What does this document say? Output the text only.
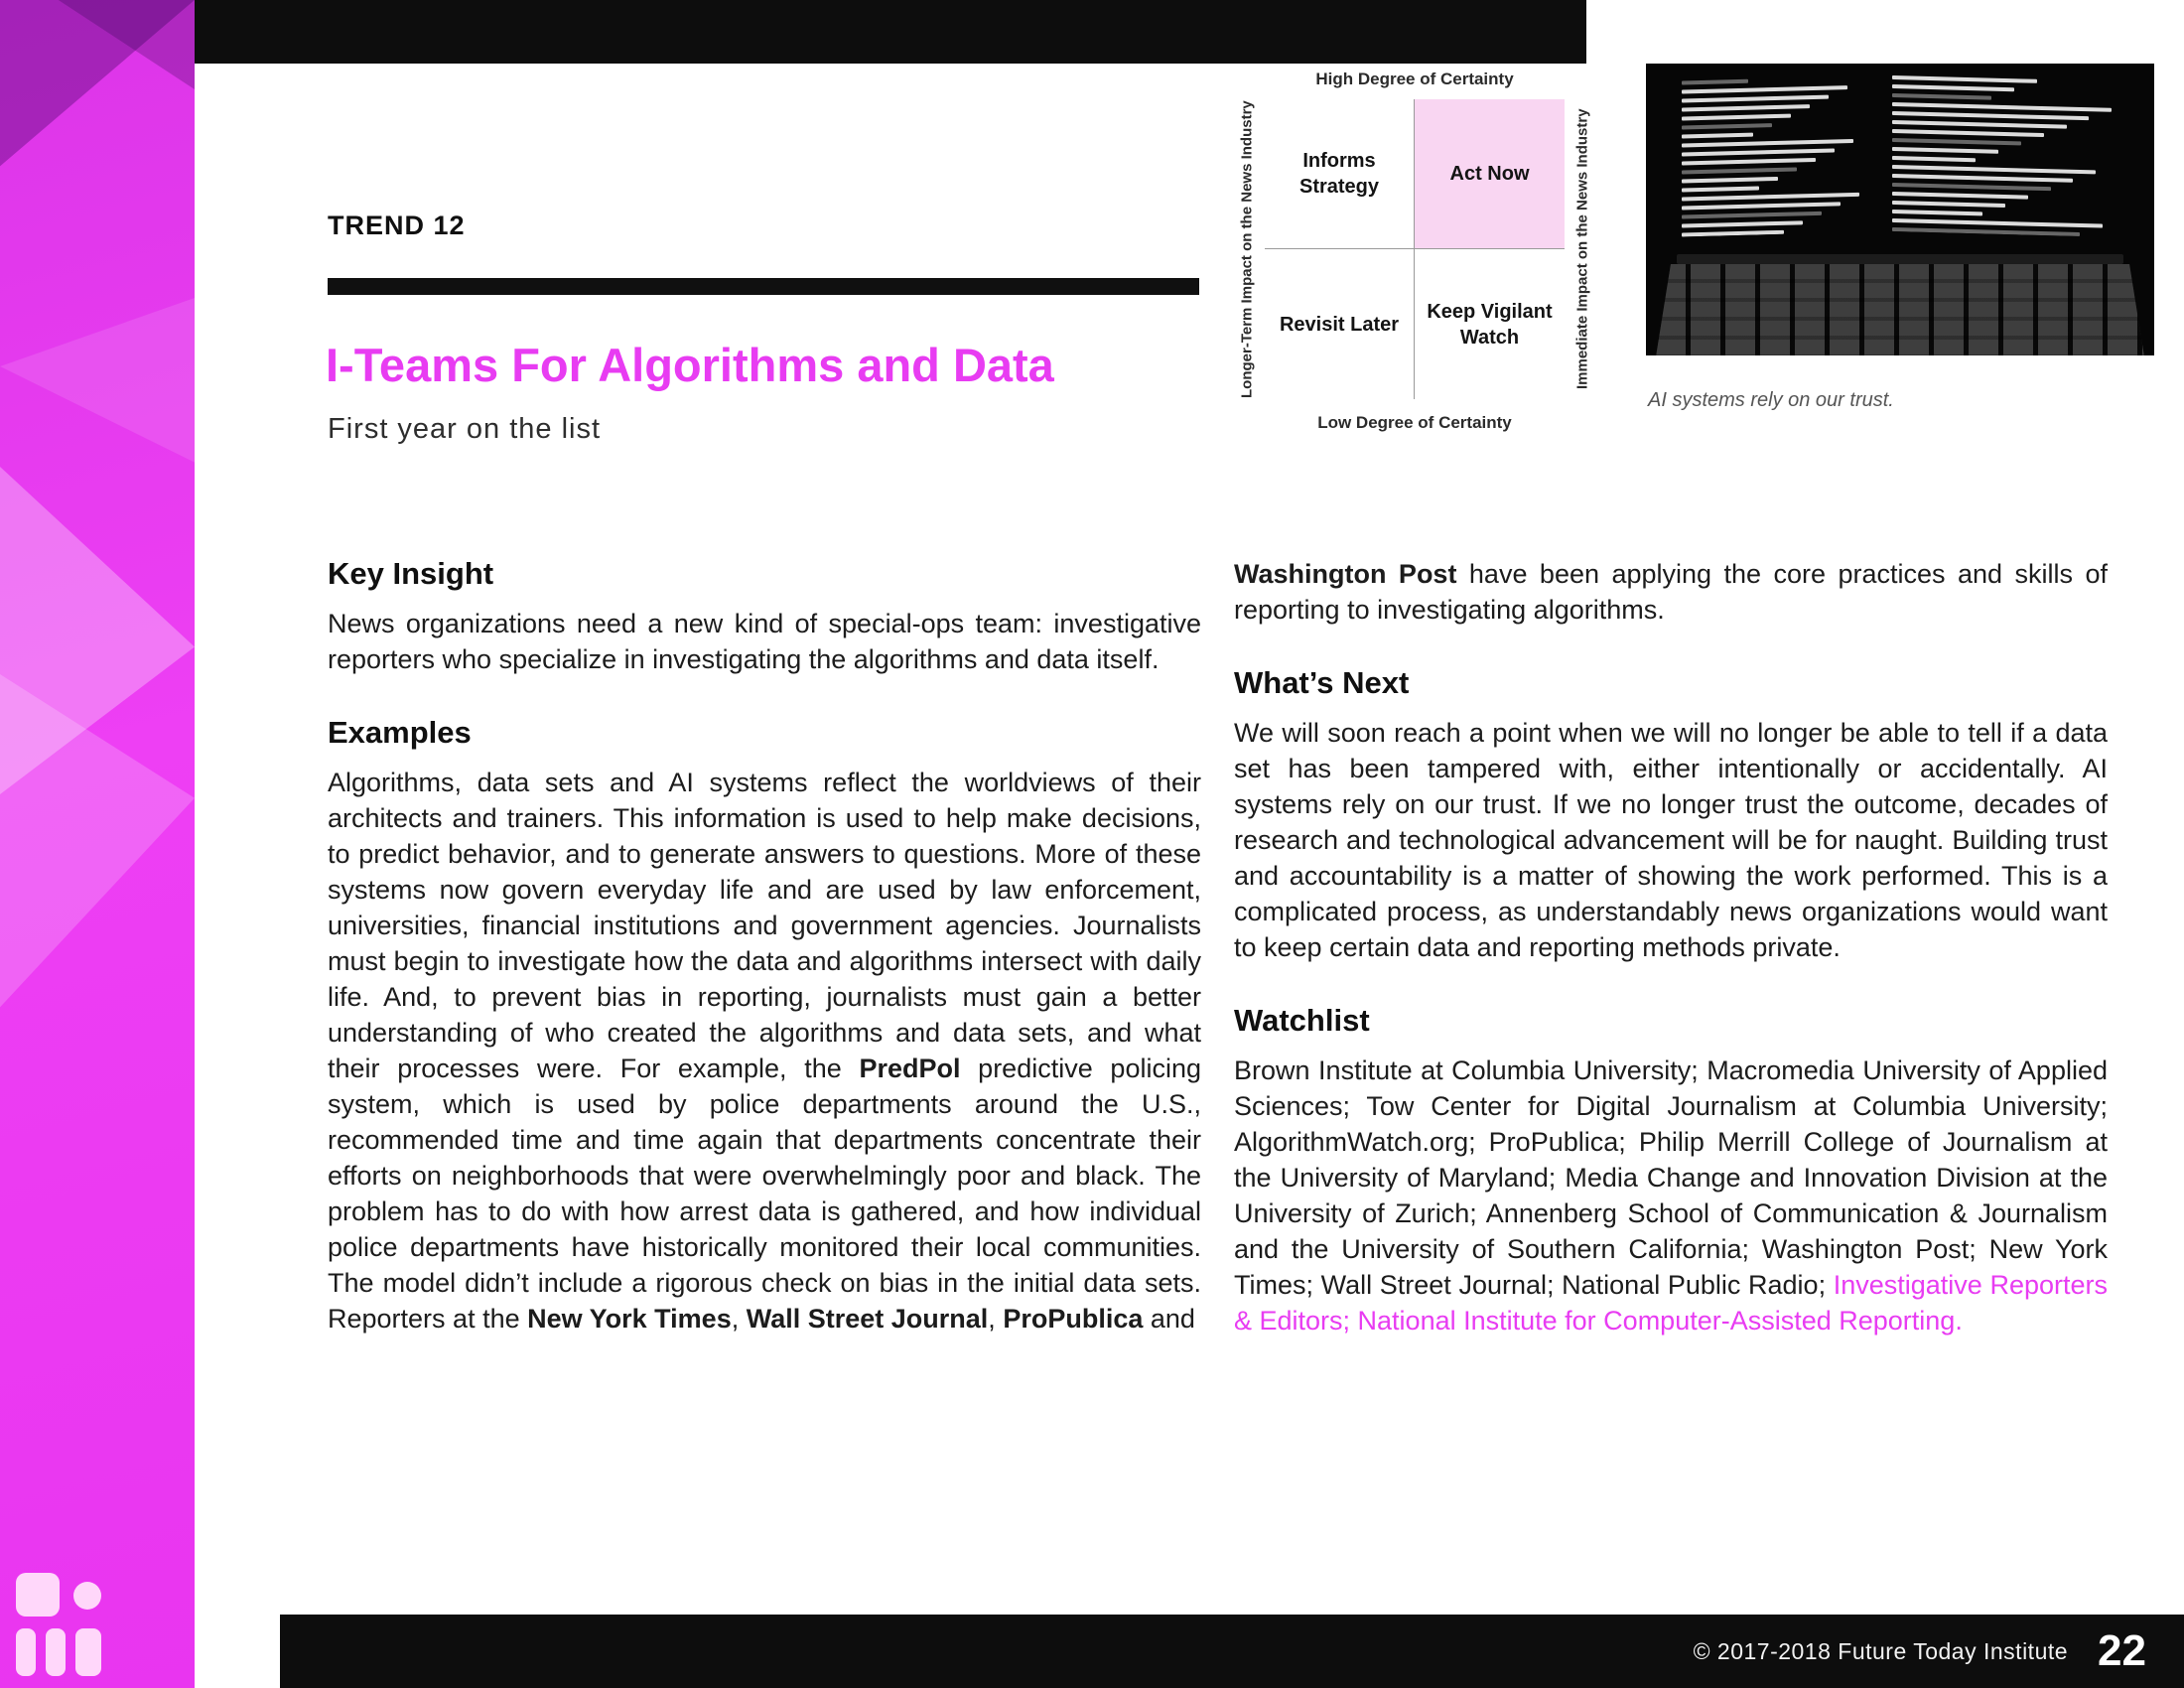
TREND 12
I-Teams For Algorithms and Data
First year on the list
High Degree of Certainty
Longer-Term Impact on the News Industry	Informs Strategy
Act Now
Revisit Later
Keep Vigilant Watch	Immediate Impact on the News Industry
Low Degree of Certainty
AI systems rely on our trust.
Key Insight

News organizations need a new kind of special-ops team: investigative reporters who specialize in investigating the algorithms and data itself.

Examples

Algorithms, data sets and AI systems reflect the worldviews of their architects and trainers. This information is used to help make decisions, to predict behavior, and to generate answers to questions. More of these systems now govern everyday life and are used by law enforcement, universities, financial institutions and government agencies. Journalists must begin to investigate how the data and algorithms intersect with daily life. And, to prevent bias in reporting, journalists must gain a better understanding of who created the algorithms and data sets, and what their processes were. For example, the PredPol predictive policing system, which is used by police departments around the U.S., recommended time and time again that departments concentrate their efforts on neighborhoods that were overwhelmingly poor and black. The problem has to do with how arrest data is gathered, and how individual police departments have historically monitored their local communities. The model didn’t include a rigorous check on bias in the initial data sets. Reporters at the New York Times, Wall Street Journal, ProPublica and

Washington Post have been applying the core practices and skills of reporting to investigating algorithms.

What’s Next

We will soon reach a point when we will no longer be able to tell if a data set has been tampered with, either intentionally or accidentally. AI systems rely on our trust. If we no longer trust the outcome, decades of research and technological advancement will be for naught. Building trust and accountability is a matter of showing the work performed. This is a complicated process, as understandably news organizations would want to keep certain data and reporting methods private.

Watchlist

Brown Institute at Columbia University; Macromedia University of Applied Sciences; Tow Center for Digital Journalism at Columbia University; AlgorithmWatch.org; ProPublica; Philip Merrill College of Journalism at the University of Maryland; Media Change and Innovation Division at the University of Zurich; Annenberg School of Communication & Journalism and the University of Southern California; Washington Post; New York Times; Wall Street Journal; National Public Radio; Investigative Reporters & Editors; National Institute for Computer-Assisted Reporting.

© 2017-2018 Future Today Institute 22
